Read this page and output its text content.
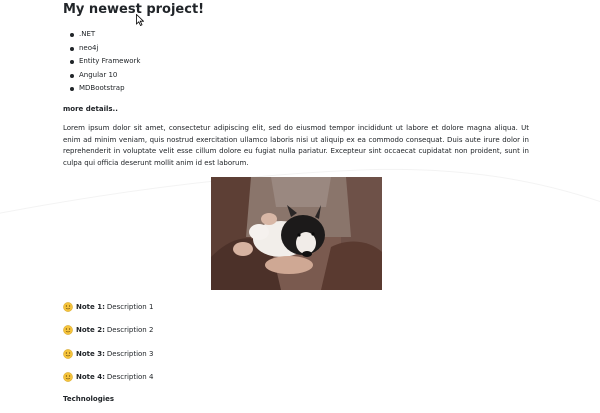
My newest project!
.NET
neo4j
Entity Framework
Angular 10
MDBootstrap
more details..

Lorem ipsum dolor sit amet, consectetur adipiscing elit, sed do eiusmod tempor incididunt ut labore et dolore magna aliqua. Ut enim ad minim veniam, quis nostrud exercitation ullamco laboris nisi ut aliquip ex ea commodo consequat. Duis aute irure dolor in reprehenderit in voluptate velit esse cillum dolore eu fugiat nulla pariatur. Excepteur sint occaecat cupidatat non proident, sunt in culpa qui officia deserunt mollit anim id est laborum.

Note 1: Description 1
Note 2: Description 2
Note 3: Description 3
Note 4: Description 4
Technologies
